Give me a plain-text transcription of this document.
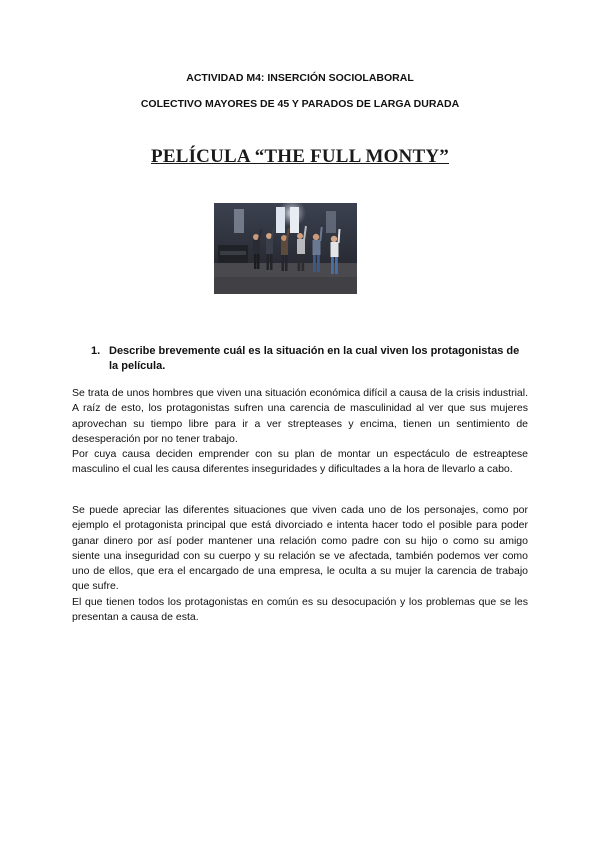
ACTIVIDAD M4: INSERCIÓN SOCIOLABORAL
COLECTIVO MAYORES DE 45 Y PARADOS DE LARGA DURADA
PELÍCULA “THE FULL MONTY”
1. Describe brevemente cuál es la situación en la cual viven los protagonistas de la película.

Se trata de unos hombres que viven una situación económica difícil a causa de la crisis industrial. A raíz de esto, los protagonistas sufren una carencia de masculinidad al ver que sus mujeres aprovechan su tiempo libre para ir a ver strepteases y encima, tienen un sentimiento de desesperación por no tener trabajo.

Por cuya causa deciden emprender con su plan de montar un espectáculo de estreaptese masculino el cual les causa diferentes inseguridades y dificultades a la hora de llevarlo a cabo.

Se puede apreciar las diferentes situaciones que viven cada uno de los personajes, como por ejemplo el protagonista principal que está divorciado e intenta hacer todo el posible para poder ganar dinero por así poder mantener una relación como padre con su hijo o como su amigo siente una inseguridad con su cuerpo y su relación se ve afectada, también podemos ver como uno de ellos, que era el encargado de una empresa, le oculta a su mujer la carencia de trabajo que sufre.

El que tienen todos los protagonistas en común es su desocupación y los problemas que se les presentan a causa de esta.
